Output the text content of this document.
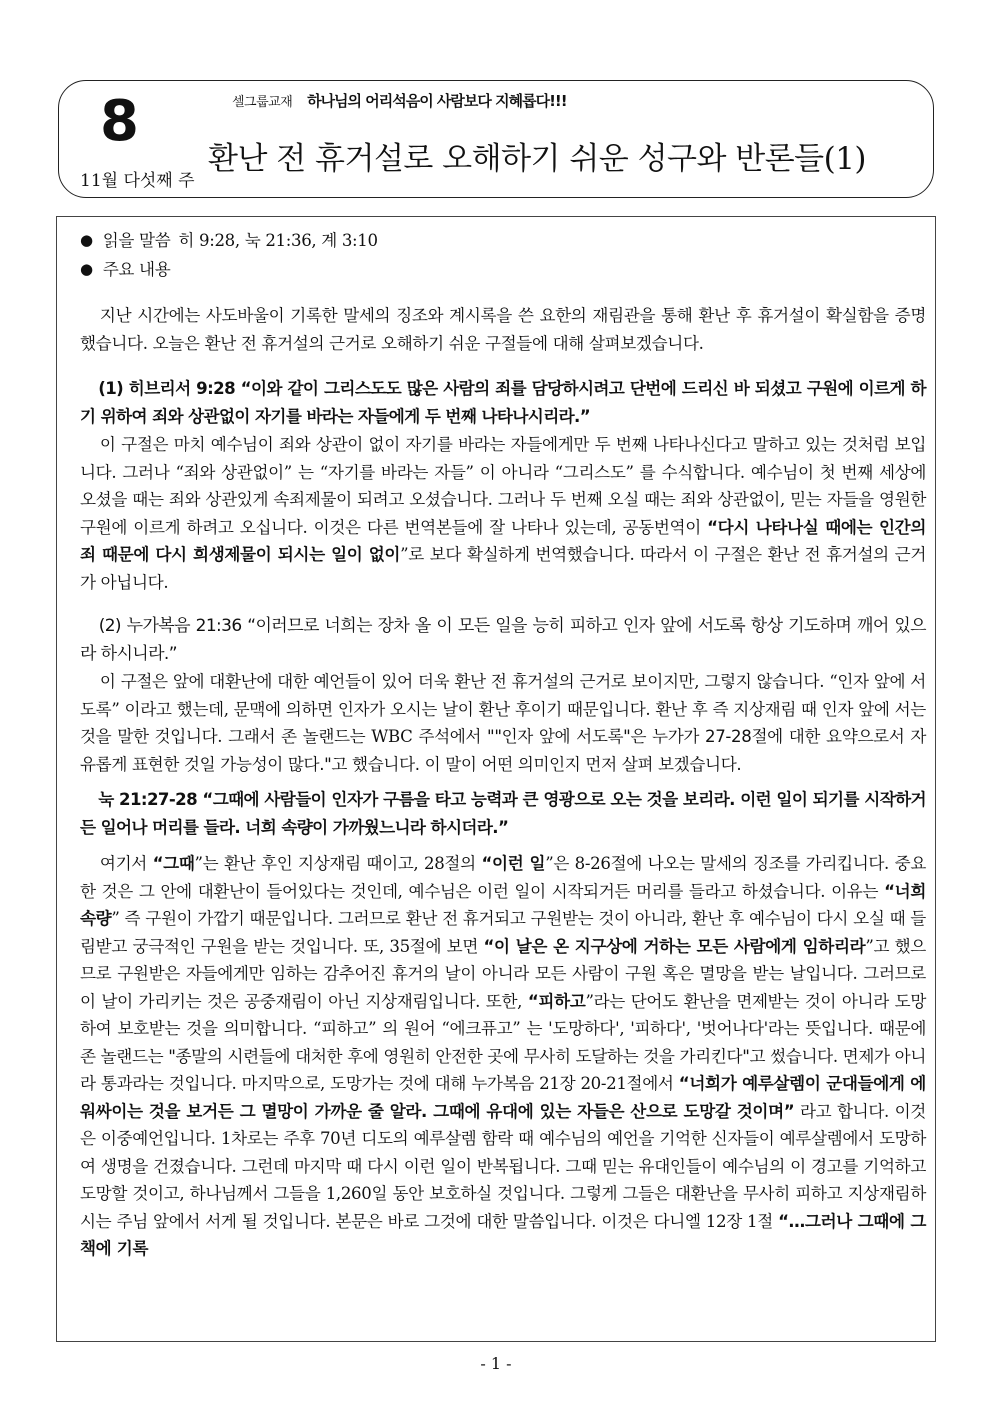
8
11월 다섯째 주
셀그룹교재 하나님의 어리석음이 사람보다 지혜롭다!!!
환난 전 휴거설로 오해하기 쉬운 성구와 반론들(1)
● 읽을 말씀 히 9:28, 눅 21:36, 계 3:10
● 주요 내용

지난 시간에는 사도바울이 기록한 말세의 징조와 계시록을 쓴 요한의 재림관을 통해 환난 후 휴거설이 확실함을 증명했습니다. 오늘은 환난 전 휴거설의 근거로 오해하기 쉬운 구절들에 대해 살펴보겠습니다.

(1) 히브리서 9:28 “이와 같이 그리스도도 많은 사람의 죄를 담당하시려고 단번에 드리신 바 되셨고 구원에 이르게 하기 위하여 죄와 상관없이 자기를 바라는 자들에게 두 번째 나타나시리라.”

이 구절은 마치 예수님이 죄와 상관이 없이 자기를 바라는 자들에게만 두 번째 나타나신다고 말하고 있는 것처럼 보입니다. 그러나 “죄와 상관없이” 는 “자기를 바라는 자들” 이 아니라 “그리스도” 를 수식합니다. 예수님이 첫 번째 세상에 오셨을 때는 죄와 상관있게 속죄제물이 되려고 오셨습니다. 그러나 두 번째 오실 때는 죄와 상관없이, 믿는 자들을 영원한 구원에 이르게 하려고 오십니다. 이것은 다른 번역본들에 잘 나타나 있는데, 공동번역이 “다시 나타나실 때에는 인간의 죄 때문에 다시 희생제물이 되시는 일이 없이”로 보다 확실하게 번역했습니다. 따라서 이 구절은 환난 전 휴거설의 근거가 아닙니다.

(2) 누가복음 21:36 “이러므로 너희는 장차 올 이 모든 일을 능히 피하고 인자 앞에 서도록 항상 기도하며 깨어 있으라 하시니라.”

이 구절은 앞에 대환난에 대한 예언들이 있어 더욱 환난 전 휴거설의 근거로 보이지만, 그렇지 않습니다. “인자 앞에 서도록” 이라고 했는데, 문맥에 의하면 인자가 오시는 날이 환난 후이기 때문입니다. 환난 후 즉 지상재림 때 인자 앞에 서는 것을 말한 것입니다. 그래서 존 놀랜드는 WBC 주석에서 ""인자 앞에 서도록"은 누가가 27-28절에 대한 요약으로서 자유롭게 표현한 것일 가능성이 많다."고 했습니다. 이 말이 어떤 의미인지 먼저 살펴 보겠습니다.

눅 21:27-28 “그때에 사람들이 인자가 구름을 타고 능력과 큰 영광으로 오는 것을 보리라. 이런 일이 되기를 시작하거든 일어나 머리를 들라. 너희 속량이 가까웠느니라 하시더라.”

여기서 “그때”는 환난 후인 지상재림 때이고, 28절의 “이런 일”은 8-26절에 나오는 말세의 징조를 가리킵니다. 중요한 것은 그 안에 대환난이 들어있다는 것인데, 예수님은 이런 일이 시작되거든 머리를 들라고 하셨습니다. 이유는 “너희 속량” 즉 구원이 가깝기 때문입니다. 그러므로 환난 전 휴거되고 구원받는 것이 아니라, 환난 후 예수님이 다시 오실 때 들림받고 궁극적인 구원을 받는 것입니다. 또, 35절에 보면 “이 날은 온 지구상에 거하는 모든 사람에게 임하리라”고 했으므로 구원받은 자들에게만 임하는 감추어진 휴거의 날이 아니라 모든 사람이 구원 혹은 멸망을 받는 날입니다. 그러므로 이 날이 가리키는 것은 공중재림이 아닌 지상재림입니다. 또한, “피하고”라는 단어도 환난을 면제받는 것이 아니라 도망하여 보호받는 것을 의미합니다. “피하고” 의 원어 “에크퓨고” 는 '도망하다', '피하다', '벗어나다'라는 뜻입니다. 때문에 존 놀랜드는 "종말의 시련들에 대처한 후에 영원히 안전한 곳에 무사히 도달하는 것을 가리킨다"고 썼습니다. 면제가 아니라 통과라는 것입니다. 마지막으로, 도망가는 것에 대해 누가복음 21장 20-21절에서 “너희가 예루살렘이 군대들에게 에워싸이는 것을 보거든 그 멸망이 가까운 줄 알라. 그때에 유대에 있는 자들은 산으로 도망갈 것이며” 라고 합니다. 이것은 이중예언입니다. 1차로는 주후 70년 디도의 예루살렘 함락 때 예수님의 예언을 기억한 신자들이 예루살렘에서 도망하여 생명을 건졌습니다. 그런데 마지막 때 다시 이런 일이 반복됩니다. 그때 믿는 유대인들이 예수님의 이 경고를 기억하고 도망할 것이고, 하나님께서 그들을 1,260일 동안 보호하실 것입니다. 그렇게 그들은 대환난을 무사히 피하고 지상재림하시는 주님 앞에서 서게 될 것입니다. 본문은 바로 그것에 대한 말씀입니다. 이것은 다니엘 12장 1절 “…그러나 그때에 그 책에 기록

- 1 -
